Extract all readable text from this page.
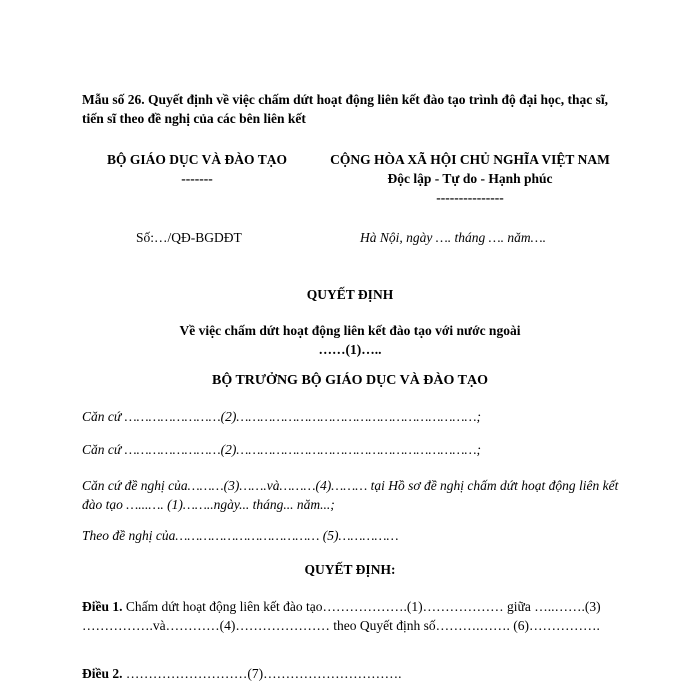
Mẫu số 26. Quyết định về việc chấm dứt hoạt động liên kết đào tạo trình độ đại học, thạc sĩ, tiến sĩ theo đề nghị của các bên liên kết
BỘ GIÁO DỤC VÀ ĐÀO TẠO
-------
CỘNG HÒA XÃ HỘI CHỦ NGHĨA VIỆT NAM
Độc lập - Tự do - Hạnh phúc
---------------
Số:…/QĐ-BGDĐT	Hà Nội, ngày …. tháng …. năm….
QUYẾT ĐỊNH
Về việc chấm dứt hoạt động liên kết đào tạo với nước ngoài
……(1)…..
BỘ TRƯỞNG BỘ GIÁO DỤC VÀ ĐÀO TẠO
Căn cứ ……………………(2)……………………………………………………;
Căn cứ ……………………(2)……………………………………………………;
Căn cứ đề nghị của………(3)…….và………(4)……… tại Hồ sơ đề nghị chấm dứt hoạt động liên kết đào tạo …...…. (1)……..ngày... tháng... năm...;
Theo đề nghị của……………………………… (5)……………
QUYẾT ĐỊNH:
Điều 1. Chấm dứt hoạt động liên kết đào tạo……………….(1)……………… giữa …..…….(3) …………….và…………(4)………………… theo Quyết định số……….……. (6)…………….
Điều 2. ………………………(7)………………………….
